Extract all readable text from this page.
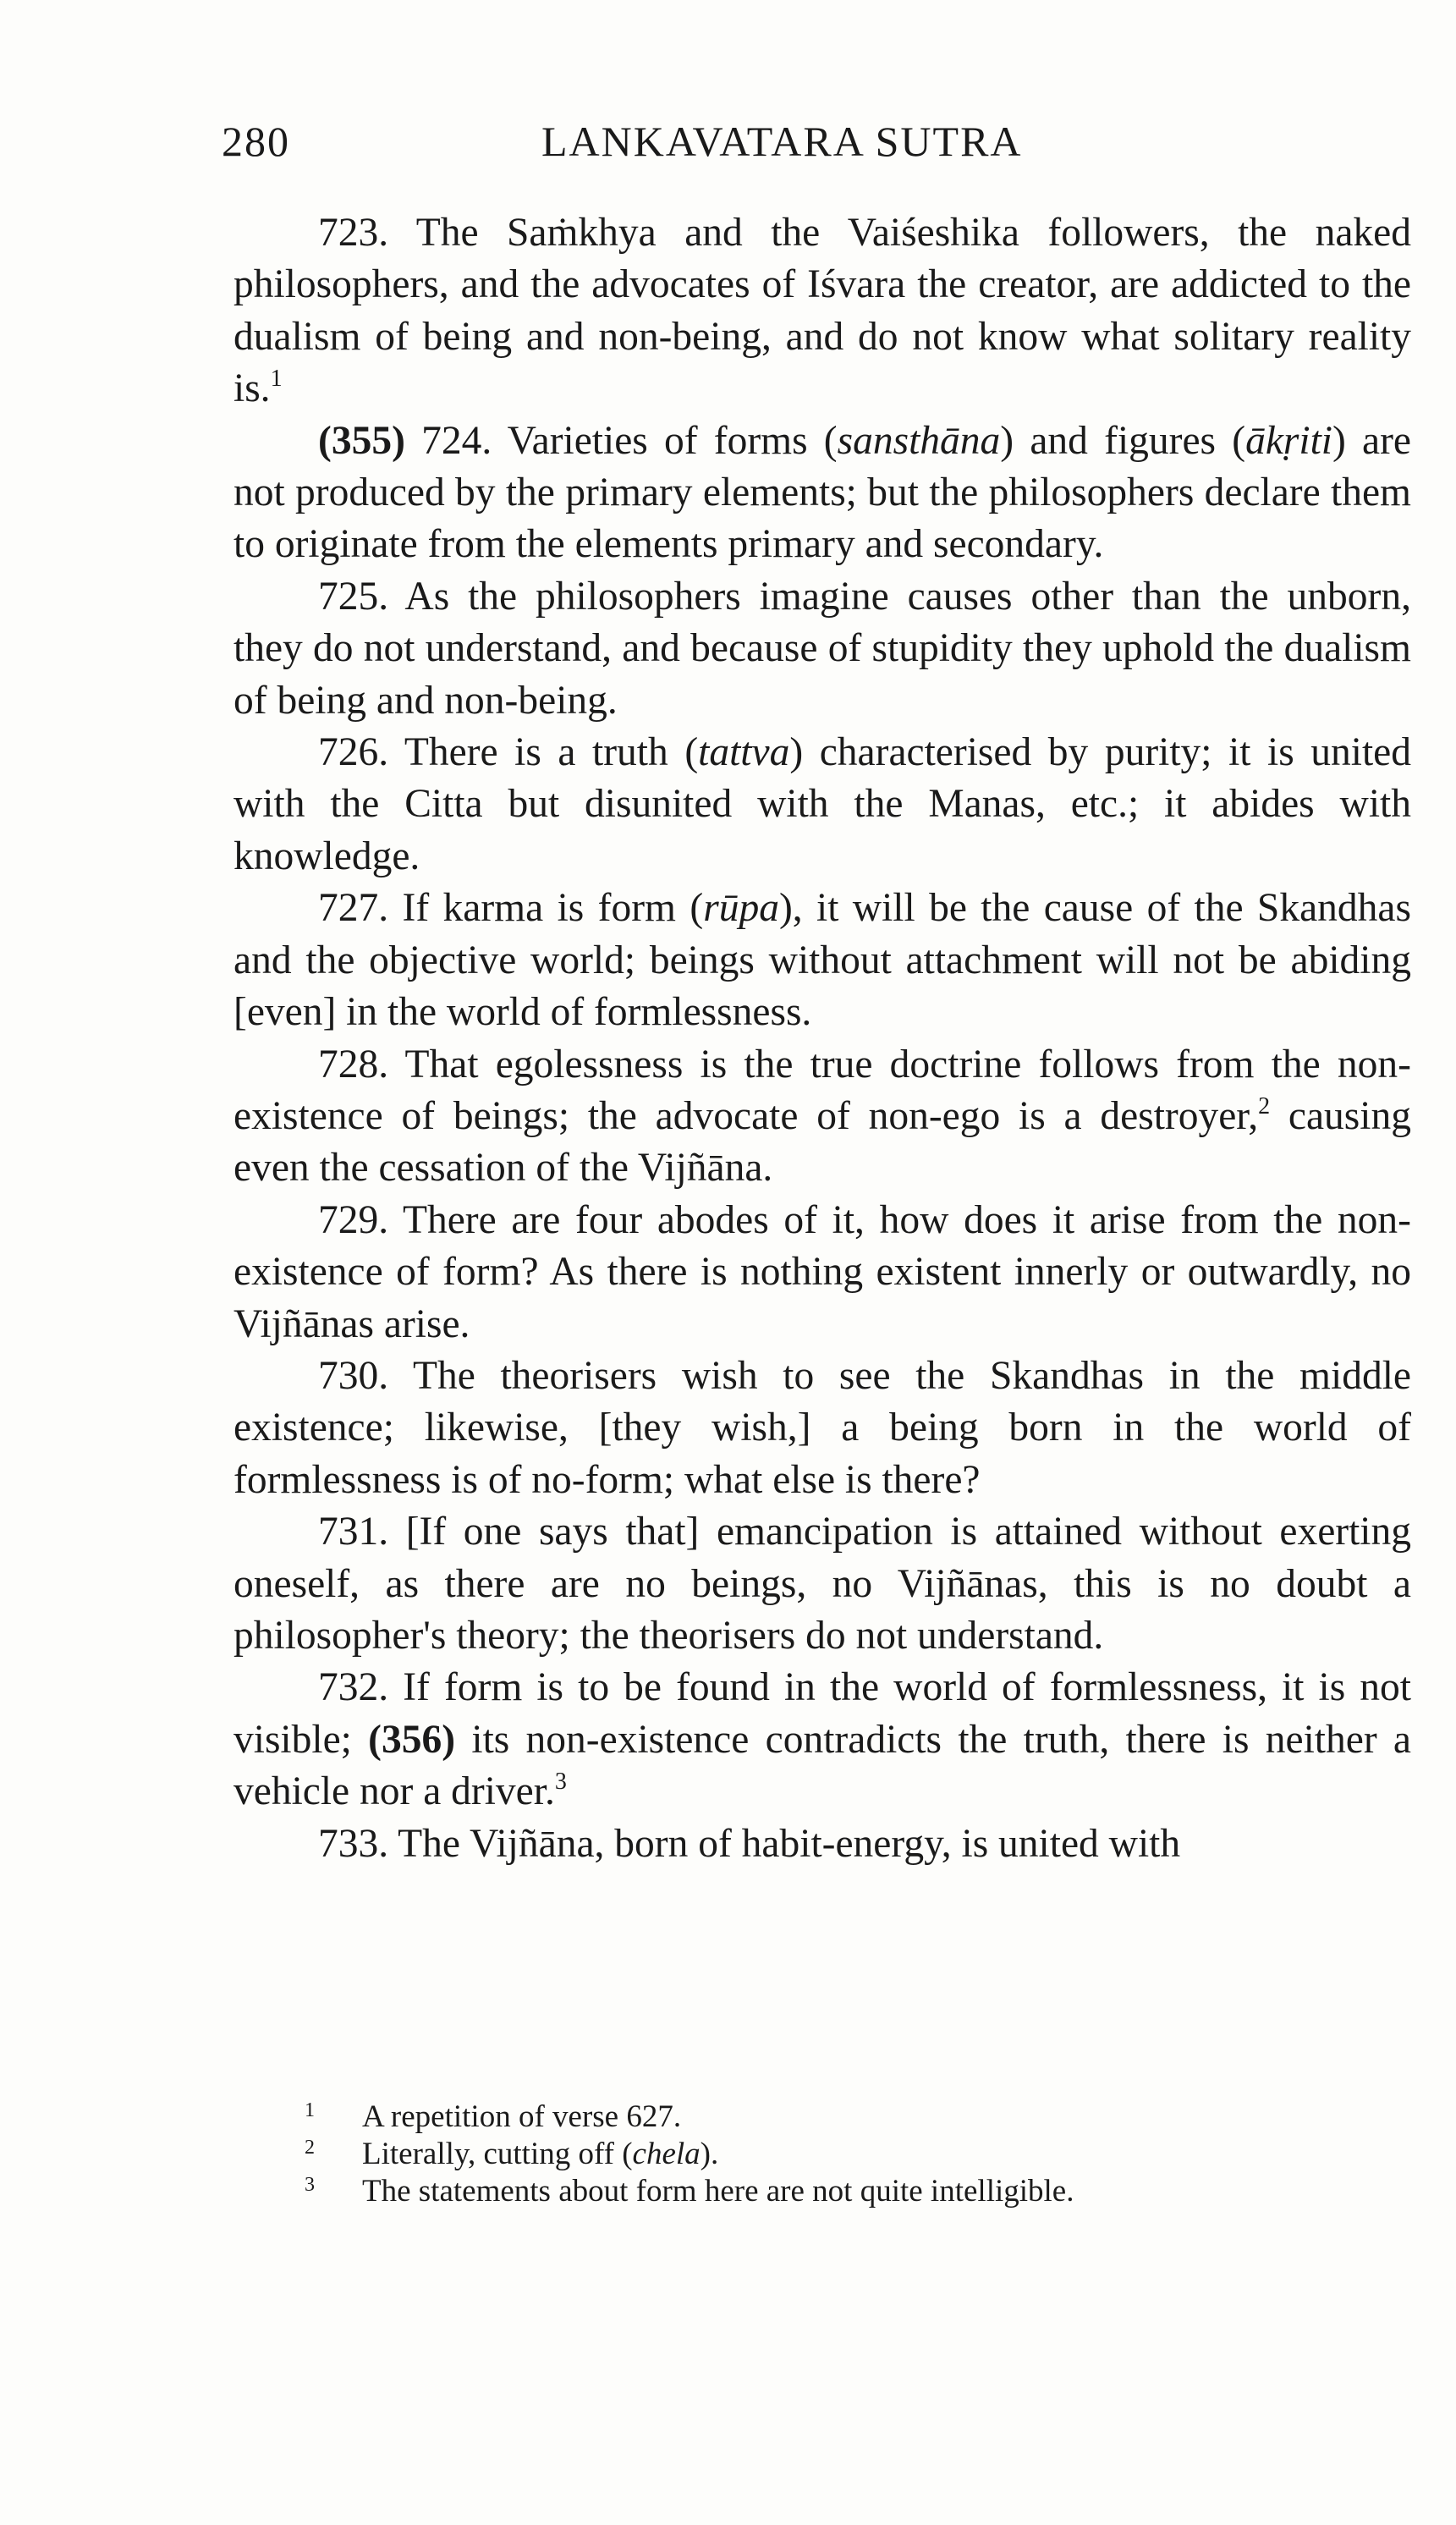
280	LANKAVATARA SUTRA

723. The Saṁkhya and the Vaiśeshika followers, the naked philosophers, and the advocates of Iśvara the creator, are addicted to the dualism of being and non-being, and do not know what solitary reality is.$^1$

(355) 724. Varieties of forms (sansthāna) and figures (ākṛiti) are not produced by the primary elements; but the philosophers declare them to originate from the elements primary and secondary.

725. As the philosophers imagine causes other than the unborn, they do not understand, and because of stupidity they uphold the dualism of being and non-being.

726. There is a truth (tattva) characterised by purity; it is united with the Citta but disunited with the Manas, etc.; it abides with knowledge.

727. If karma is form (rūpa), it will be the cause of the Skandhas and the objective world; beings without attachment will not be abiding [even] in the world of formlessness.

728. That egolessness is the true doctrine follows from the non-existence of beings; the advocate of non-ego is a destroyer,$^2$ causing even the cessation of the Vijñāna.

729. There are four abodes of it, how does it arise from the non-existence of form? As there is nothing existent innerly or outwardly, no Vijñānas arise.

730. The theorisers wish to see the Skandhas in the middle existence; likewise, [they wish,] a being born in the world of formlessness is of no-form; what else is there?

731. [If one says that] emancipation is attained without exerting oneself, as there are no beings, no Vijñānas, this is no doubt a philosopher's theory; the theorisers do not understand.

732. If form is to be found in the world of formlessness, it is not visible; (356) its non-existence contradicts the truth, there is neither a vehicle nor a driver.$^3$

733. The Vijñāna, born of habit-energy, is united with

1 A repetition of verse 627.

2 Literally, cutting off (chela).

3 The statements about form here are not quite intelligible.
